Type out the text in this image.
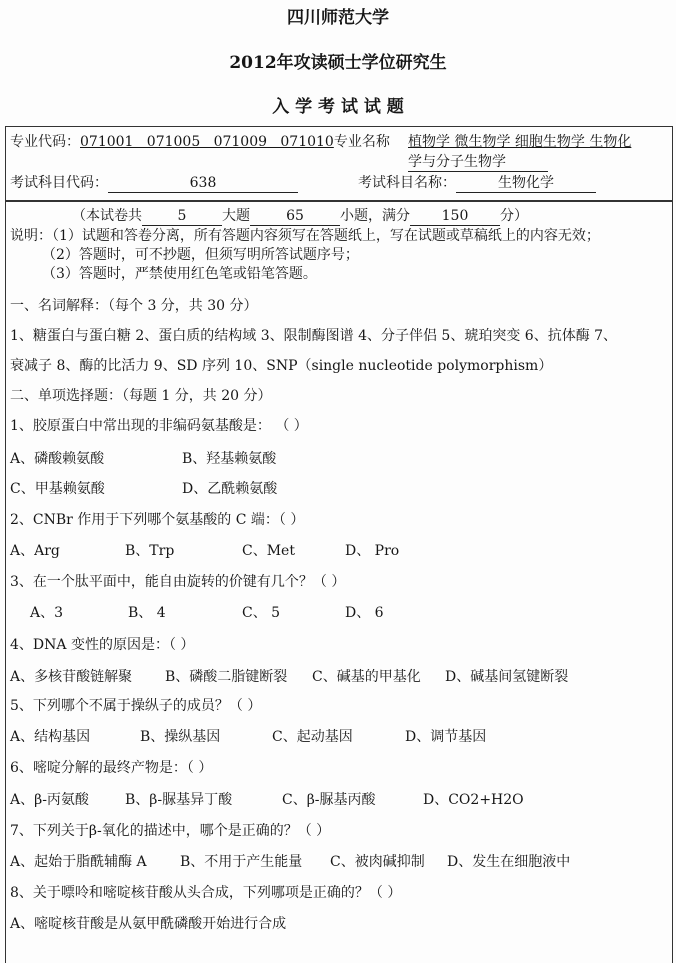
四川师范大学
2012年攻读硕士学位研究生
入 学 考 试 试 题
专业代码：071001   071005   071009   071010专业名称 植物学 微生物学 细胞生物学 生物化
学与分子生物学
考试科目代码：	638	考试科目名称：	生物化学
（本试卷共	5	大题	65	小题，满分 150 分）
说明：（1）试题和答卷分离，所有答题内容须写在答题纸上，写在试题或草稿纸上的内容无效；
（2）答题时，可不抄题，但须写明所答试题序号；
（3）答题时，严禁使用红色笔或铅笔答题。
一、名词解释：（每个 3 分，共 30 分）
1、糖蛋白与蛋白糖 2、蛋白质的结构域 3、限制酶图谱 4、分子伴侣 5、琥珀突变 6、抗体酶 7、
衰减子 8、酶的比活力 9、SD 序列 10、SNP（single nucleotide polymorphism）
二、单项选择题：（每题 1 分，共 20 分）
1、胶原蛋白中常出现的非编码氨基酸是： （ ）
A、磷酸赖氨酸	B、羟基赖氨酸
C、甲基赖氨酸	D、乙酰赖氨酸
2、CNBr 作用于下列哪个氨基酸的 C 端：（ ）
A、Arg	B、Trp	C、Met	D、 Pro
3、在一个肽平面中，能自由旋转的价键有几个？（ ）
A、3	B、 4	C、 5	D、 6
4、DNA 变性的原因是：（ ）
A、多核苷酸链解聚 B、磷酸二脂键断裂 C、碱基的甲基化 D、碱基间氢键断裂
5、下列哪个不属于操纵子的成员？（ ）
A、结构基因	B、操纵基因	C、起动基因	D、调节基因
6、嘧啶分解的最终产物是：（ ）
A、β-丙氨酸	B、β-脲基异丁酸	C、β-脲基丙酸	D、CO2+H2O
7、下列关于β-氧化的描述中，哪个是正确的？（ ）
A、起始于脂酰辅酶 A B、不用于产生能量 C、被肉碱抑制 D、发生在细胞液中
8、关于嘌呤和嘧啶核苷酸从头合成，下列哪项是正确的？（ ）
A、嘧啶核苷酸是从氨甲酰磷酸开始进行合成
